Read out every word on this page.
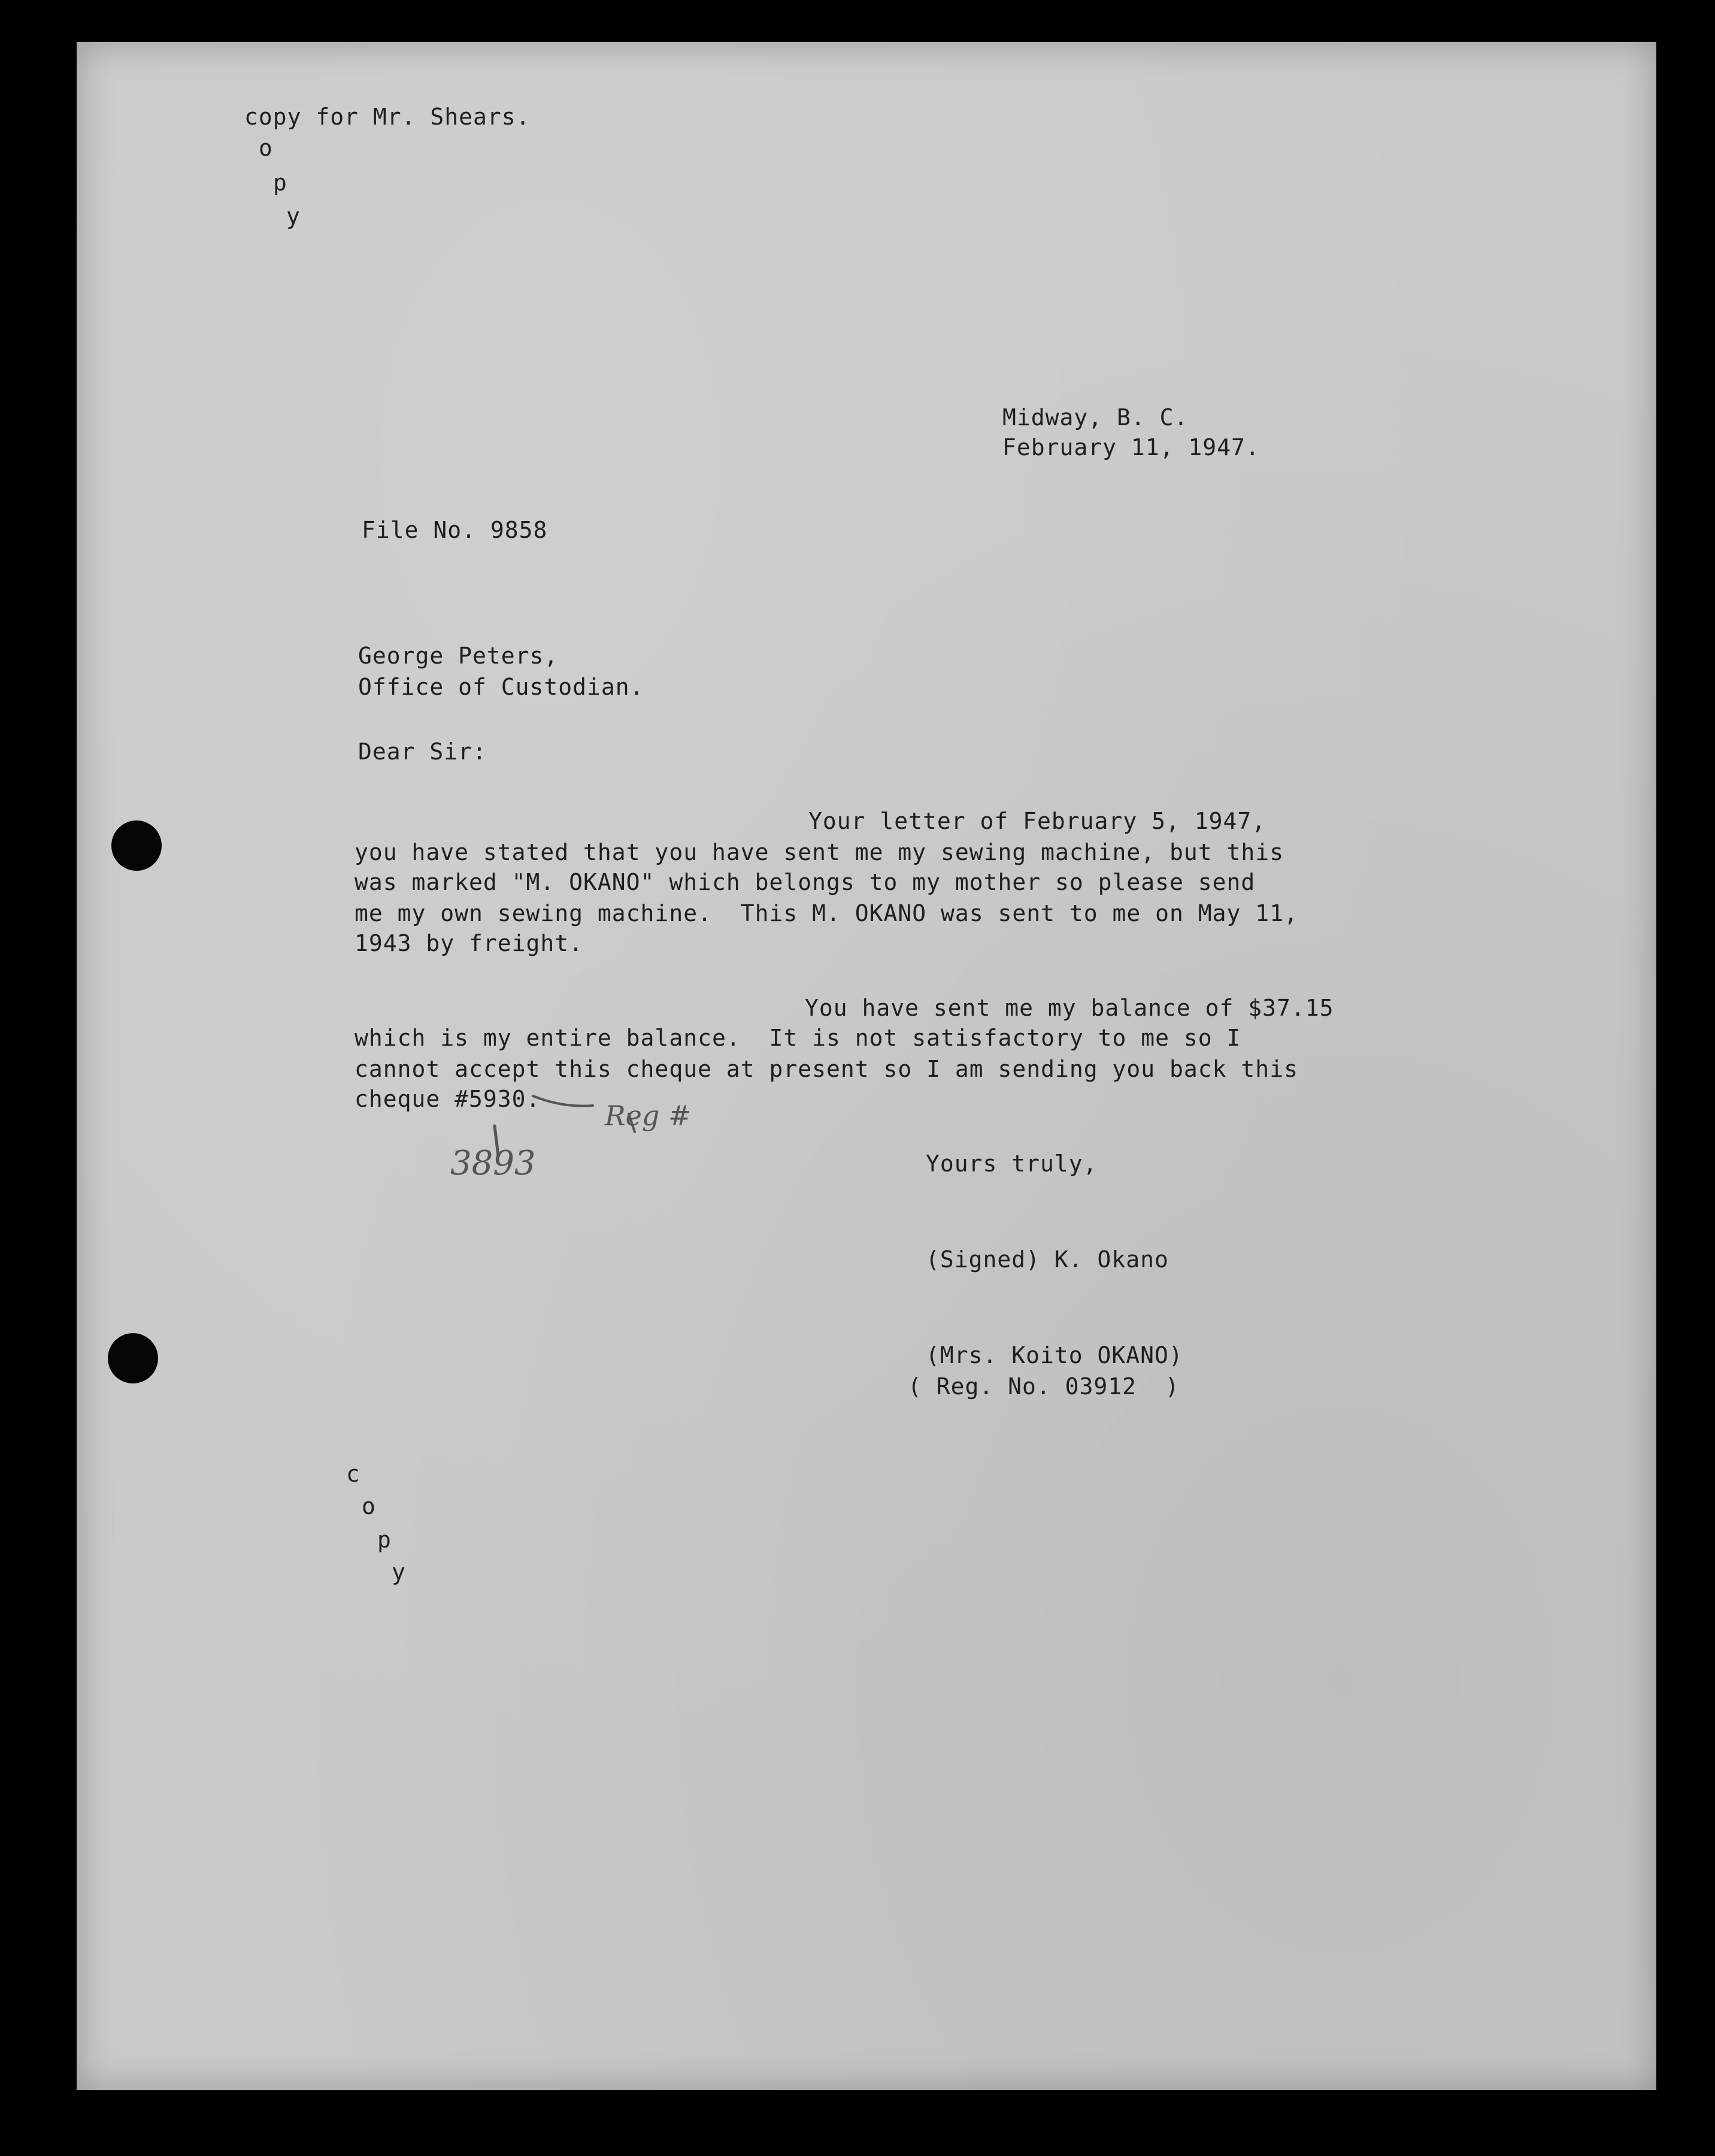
copy for Mr. Shears.
o
p
y
Midway, B. C.
February 11, 1947.
File No. 9858
George Peters,
Office of Custodian.
Dear Sir:
Your letter of February 5, 1947,
you have stated that you have sent me my sewing machine, but this
was marked "M. OKANO" which belongs to my mother so please send
me my own sewing machine.  This M. OKANO was sent to me on May 11,
1943 by freight.
You have sent me my balance of $37.15
which is my entire balance.  It is not satisfactory to me so I
cannot accept this cheque at present so I am sending you back this
cheque #5930.
3893
Reg #
Yours truly,
(Signed) K. Okano
(Mrs. Koito OKANO)
( Reg. No. 03912  )
c
o
p
y
